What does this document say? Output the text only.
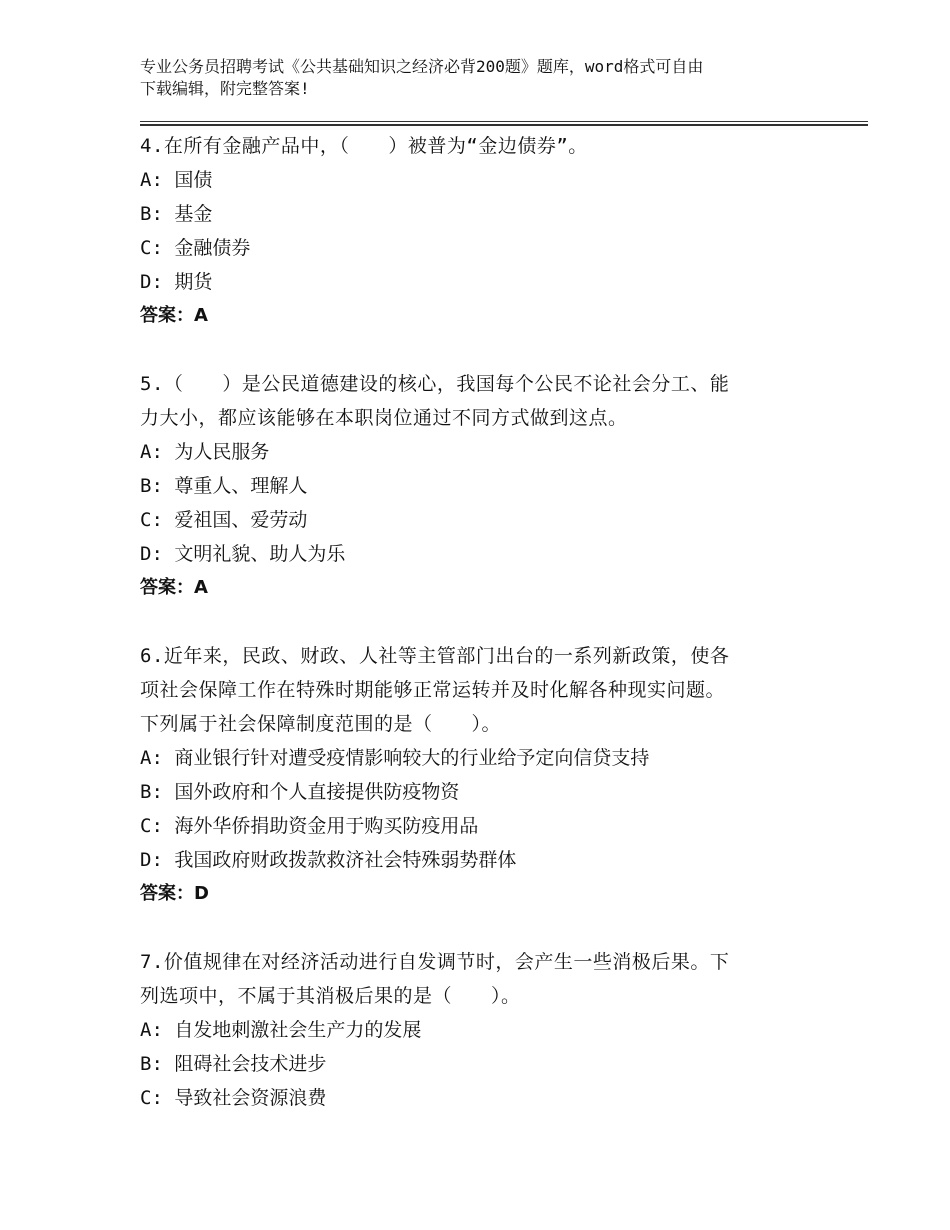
专业公务员招聘考试《公共基础知识之经济必背200题》题库，word格式可自由
下载编辑，附完整答案!
4.在所有金融产品中，（　　）被普为“金边债券”。
A: 国债
B: 基金
C: 金融债券
D: 期货
答案：A
5.（　　）是公民道德建设的核心，我国每个公民不论社会分工、能
力大小，都应该能够在本职岗位通过不同方式做到这点。
A: 为人民服务
B: 尊重人、理解人
C: 爱祖国、爱劳动
D: 文明礼貌、助人为乐
答案：A
6.近年来，民政、财政、人社等主管部门出台的一系列新政策，使各
项社会保障工作在特殊时期能够正常运转并及时化解各种现实问题。
下列属于社会保障制度范围的是（　　）。
A: 商业银行针对遭受疫情影响较大的行业给予定向信贷支持
B: 国外政府和个人直接提供防疫物资
C: 海外华侨捐助资金用于购买防疫用品
D: 我国政府财政拨款救济社会特殊弱势群体
答案：D
7.价值规律在对经济活动进行自发调节时，会产生一些消极后果。下
列选项中，不属于其消极后果的是（　　）。
A: 自发地刺激社会生产力的发展
B: 阻碍社会技术进步
C: 导致社会资源浪费
